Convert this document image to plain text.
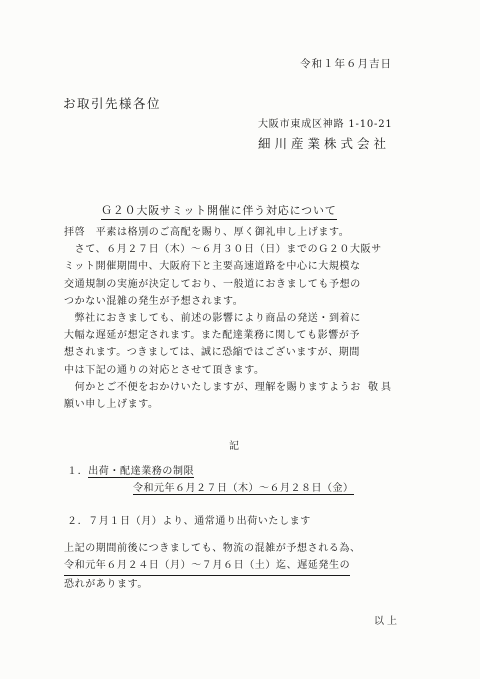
令和１年６月吉日
お取引先様各位
大阪市東成区神路 1-10-21
細川産業株式会社
Ｇ２０大阪サミット開催に伴う対応について
拝啓　平素は格別のご高配を賜り、厚く御礼申し上げます。
　さて、６月２７日（木）～６月３０日（日）までのＧ２０大阪サ
ミット開催期間中、大阪府下と主要高速道路を中心に大規模な
交通規制の実施が決定しており、一般道におきましても予想の
つかない混雑の発生が予想されます。
　弊社におきましても、前述の影響により商品の発送・到着に
大幅な遅延が想定されます。また配達業務に関しても影響が予
想されます。つきましては、誠に恐縮ではございますが、期間
中は下記の通りの対応とさせて頂きます。
　何かとご不便をおかけいたしますが、理解を賜りますようお
願い申し上げます。
敬具
記
１．出荷・配達業務の制限
令和元年６月２７日（木）～６月２８日（金）
２．７月１日（月）より、通常通り出荷いたします
上記の期間前後につきましても、物流の混雑が予想される為、
令和元年６月２４日（月）～７月６日（土）迄、遅延発生の
恐れがあります。
以上
